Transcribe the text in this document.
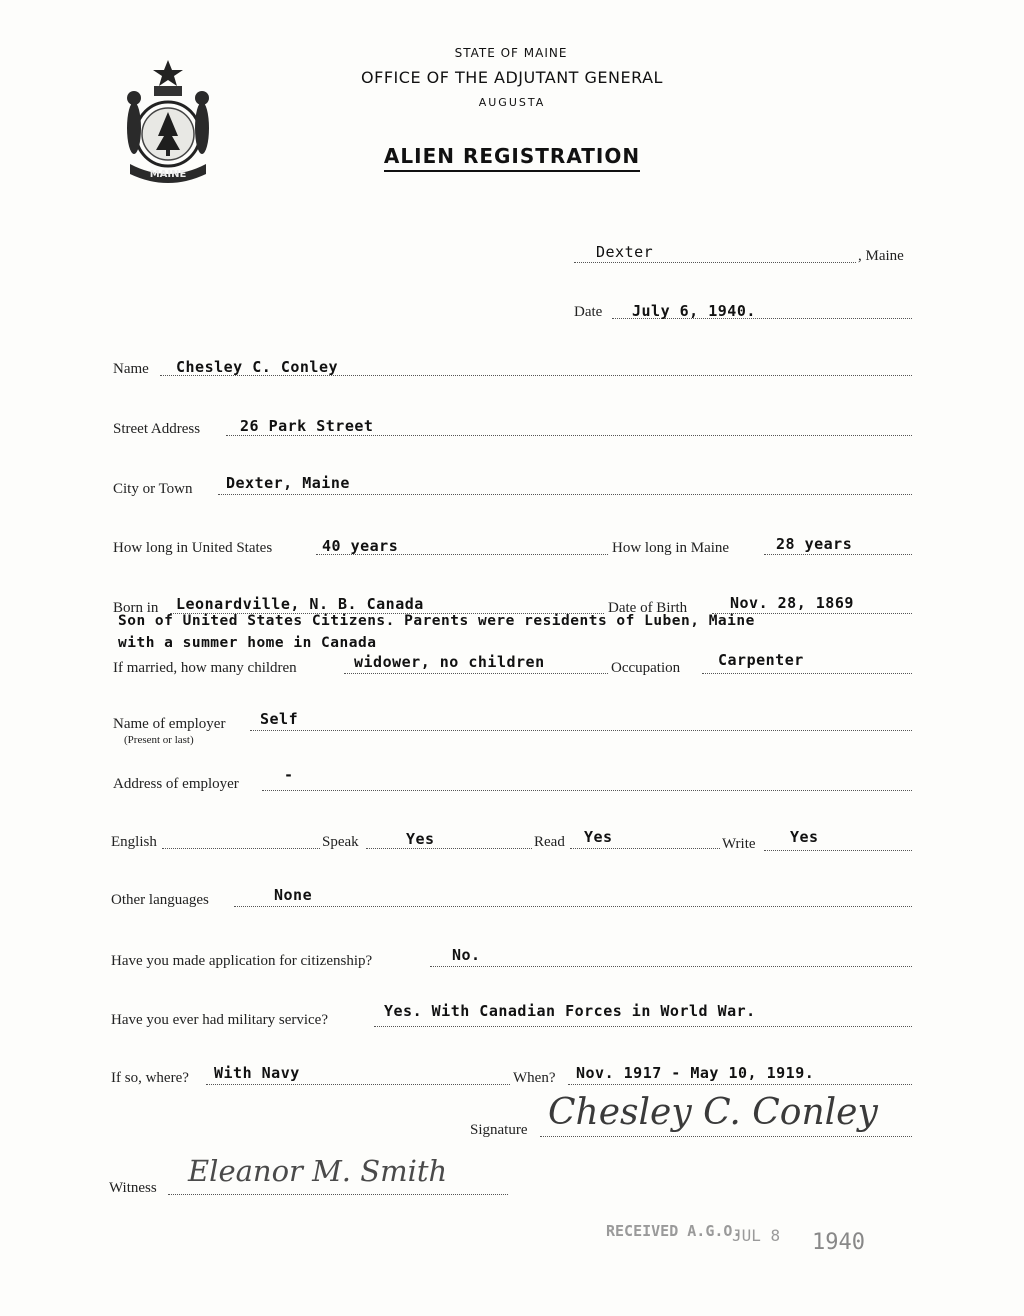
MAINE
STATE OF MAINE
OFFICE OF THE ADJUTANT GENERAL
AUGUSTA
ALIEN REGISTRATION
Dexter	, Maine
Date July 6, 1940.
Name Chesley C. Conley
Street Address	26 Park Street
City or Town Dexter, Maine
How long in United States	40 years	How long in Maine	28 years
Born in Leonardville, N. B. Canada	Date of Birth	Nov. 28, 1869
Son of United States Citizens. Parents were residents of Luben, Maine
with a summer home in Canada
If married, how many children	widower, no children	Occupation	Carpenter
Name of employer
(Present or last)
Self
Address of employer	-
English	Speak	Yes	Read Yes	Write Yes
Other languages	None
Have you made application for citizenship?	No.
Have you ever had military service?	Yes. With Canadian Forces in World War.
If so, where? With Navy	When? Nov. 1917 - May 10, 1919.
Signature Chesley C. Conley
Witness Eleanor M. Smith
RECEIVED A.G.O.
JUL 8 1940
